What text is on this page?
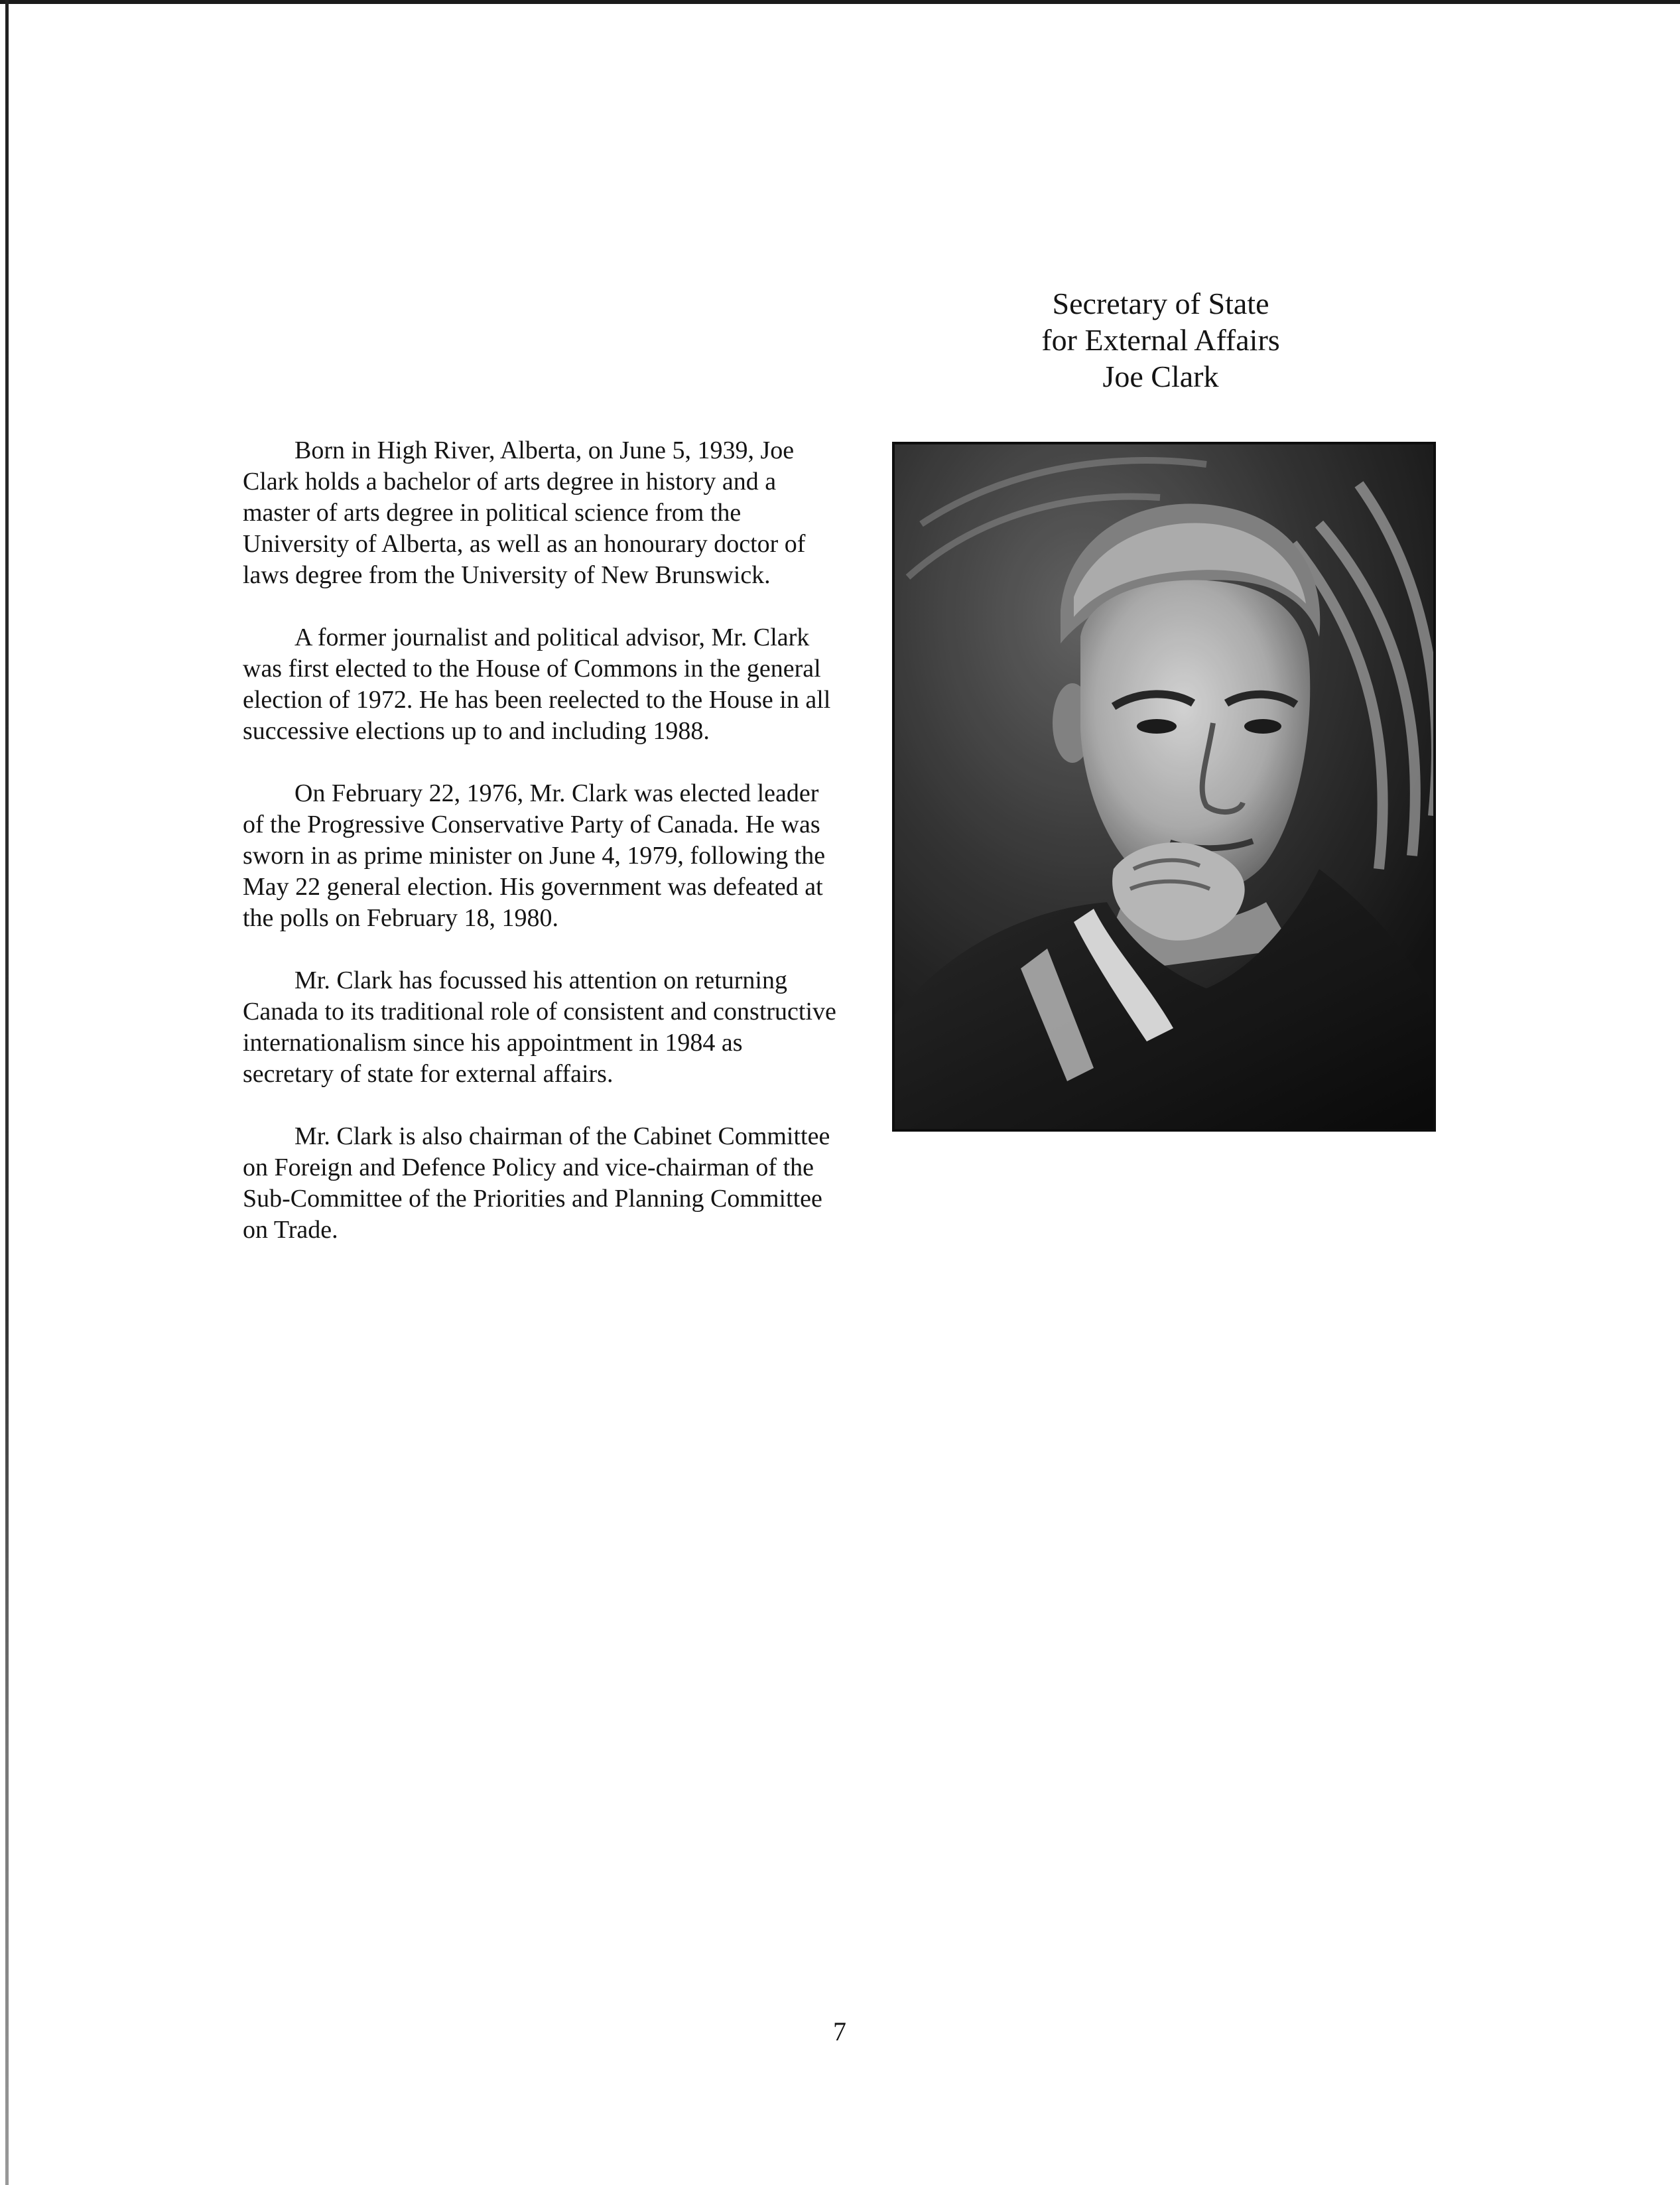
Secretary of State
for External Affairs
Joe Clark

Born in High River, Alberta, on June 5, 1939, Joe Clark holds a bachelor of arts degree in history and a master of arts degree in political science from the University of Alberta, as well as an honourary doctor of laws degree from the University of New Brunswick.

A former journalist and political advisor, Mr. Clark was first elected to the House of Commons in the general election of 1972. He has been reelected to the House in all successive elections up to and including 1988.

On February 22, 1976, Mr. Clark was elected leader of the Progressive Conservative Party of Canada. He was sworn in as prime minister on June 4, 1979, following the May 22 general election. His government was defeated at the polls on February 18, 1980.

Mr. Clark has focussed his attention on returning Canada to its traditional role of consistent and constructive internationalism since his appointment in 1984 as secretary of state for external affairs.

Mr. Clark is also chairman of the Cabinet Committee on Foreign and Defence Policy and vice-chairman of the Sub-Committee of the Priorities and Planning Committee on Trade.

7
